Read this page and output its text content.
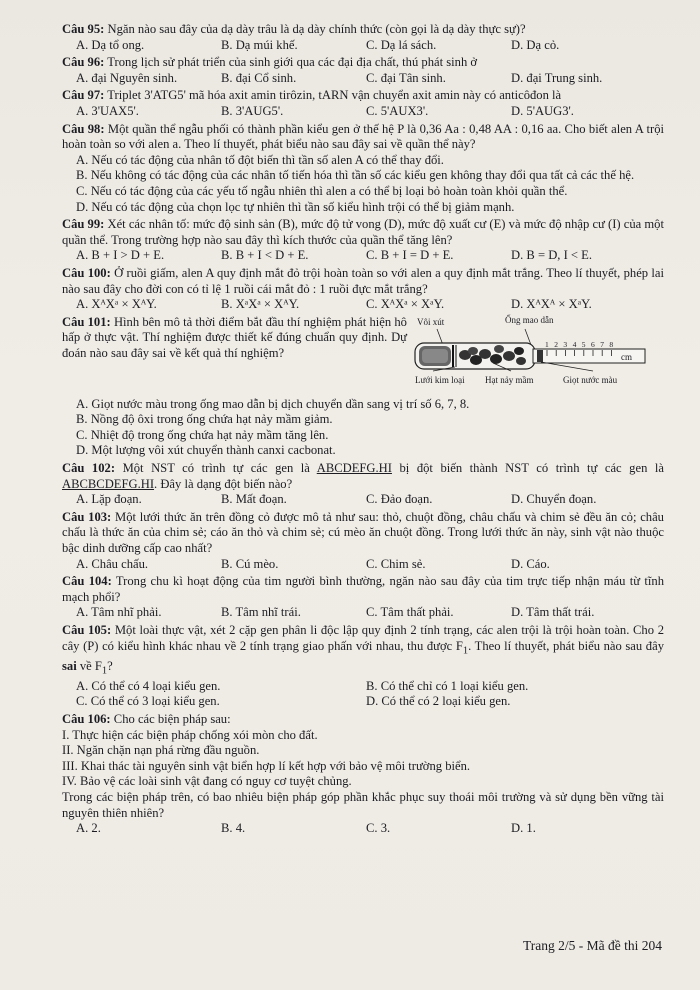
Câu 95: Ngăn nào sau đây của dạ dày trâu là dạ dày chính thức (còn gọi là dạ dày thực sự)?
A. Dạ tổ ong.	B. Dạ múi khế.	C. Dạ lá sách.	D. Dạ cỏ.
Câu 96: Trong lịch sử phát triển của sinh giới qua các đại địa chất, thú phát sinh ở
A. đại Nguyên sinh.	B. đại Cổ sinh.	C. đại Tân sinh.	D. đại Trung sinh.
Câu 97: Triplet 3'ATG5' mã hóa axit amin tirôzin, tARN vận chuyển axit amin này có anticôđon là
A. 3'UAX5'.	B. 3'AUG5'.	C. 5'AUX3'.	D. 5'AUG3'.
Câu 98: Một quần thể ngẫu phối có thành phần kiểu gen ở thế hệ P là 0,36 Aa : 0,48 AA : 0,16 aa. Cho biết alen A trội hoàn toàn so với alen a. Theo lí thuyết, phát biểu nào sau đây sai về quần thể này?
A. Nếu có tác động của nhân tố đột biến thì tần số alen A có thể thay đổi.
B. Nếu không có tác động của các nhân tố tiến hóa thì tần số các kiểu gen không thay đổi qua tất cả các thế hệ.
C. Nếu có tác động của các yếu tố ngẫu nhiên thì alen a có thể bị loại bỏ hoàn toàn khỏi quần thể.
D. Nếu có tác động của chọn lọc tự nhiên thì tần số kiểu hình trội có thể bị giảm mạnh.
Câu 99: Xét các nhân tố: mức độ sinh sản (B), mức độ tử vong (D), mức độ xuất cư (E) và mức độ nhập cư (I) của một quần thể. Trong trường hợp nào sau đây thì kích thước của quần thể tăng lên?
A. B + I > D + E.	B. B + I < D + E.	C. B + I = D + E.	D. B = D, I < E.
Câu 100: Ở ruồi giấm, alen A quy định mắt đỏ trội hoàn toàn so với alen a quy định mắt trắng. Theo lí thuyết, phép lai nào sau đây cho đời con có tỉ lệ 1 ruồi cái mắt đỏ : 1 ruồi đực mắt trắng?
A. XᴬXᵃ × XᴬY.	B. XᵃXᵃ × XᴬY.	C. XᴬXᵃ × XᵃY.	D. XᴬXᴬ × XᵃY.
Câu 101: Hình bên mô tả thời điểm bắt đầu thí nghiệm phát hiện hô hấp ở thực vật. Thí nghiệm được thiết kế đúng chuẩn quy định. Dự đoán nào sau đây sai về kết quả thí nghiệm?
Vôi xút	Ống mao dẫn
1 2 3 4 5 6 7 8
cm
Lưới kim loại Hạt nảy mầm	Giọt nước màu
A. Giọt nước màu trong ống mao dẫn bị dịch chuyển dần sang vị trí số 6, 7, 8.
B. Nồng độ ôxi trong ống chứa hạt nảy mầm giảm.
C. Nhiệt độ trong ống chứa hạt nảy mầm tăng lên.
D. Một lượng vôi xút chuyển thành canxi cacbonat.
Câu 102: Một NST có trình tự các gen là ABCDEFG.HI bị đột biến thành NST có trình tự các gen là ABCBCDEFG.HI. Đây là dạng đột biến nào?
A. Lặp đoạn.	B. Mất đoạn.	C. Đảo đoạn.	D. Chuyển đoạn.
Câu 103: Một lưới thức ăn trên đồng cỏ được mô tả như sau: thỏ, chuột đồng, châu chấu và chim sẻ đều ăn cỏ; châu chấu là thức ăn của chim sẻ; cáo ăn thỏ và chim sẻ; cú mèo ăn chuột đồng. Trong lưới thức ăn này, sinh vật nào thuộc bậc dinh dưỡng cấp cao nhất?
A. Châu chấu.	B. Cú mèo.	C. Chim sẻ.	D. Cáo.
Câu 104: Trong chu kì hoạt động của tim người bình thường, ngăn nào sau đây của tim trực tiếp nhận máu từ tĩnh mạch phổi?
A. Tâm nhĩ phải.	B. Tâm nhĩ trái.	C. Tâm thất phải.	D. Tâm thất trái.
Câu 105: Một loài thực vật, xét 2 cặp gen phân li độc lập quy định 2 tính trạng, các alen trội là trội hoàn toàn. Cho 2 cây (P) có kiểu hình khác nhau về 2 tính trạng giao phấn với nhau, thu được $F_1$. Theo lí thuyết, phát biểu nào sau đây sai về $F_1$?
A. Có thể có 4 loại kiểu gen.	B. Có thể chỉ có 1 loại kiểu gen.
C. Có thể có 3 loại kiểu gen.	D. Có thể có 2 loại kiểu gen.
Câu 106: Cho các biện pháp sau:
I. Thực hiện các biện pháp chống xói mòn cho đất.
II. Ngăn chặn nạn phá rừng đầu nguồn.
III. Khai thác tài nguyên sinh vật biển hợp lí kết hợp với bảo vệ môi trường biển.
IV. Bảo vệ các loài sinh vật đang có nguy cơ tuyệt chủng.
Trong các biện pháp trên, có bao nhiêu biện pháp góp phần khắc phục suy thoái môi trường và sử dụng bền vững tài nguyên thiên nhiên?
A. 2.	B. 4.	C. 3.	D. 1.
Trang 2/5 - Mã đề thi 204
